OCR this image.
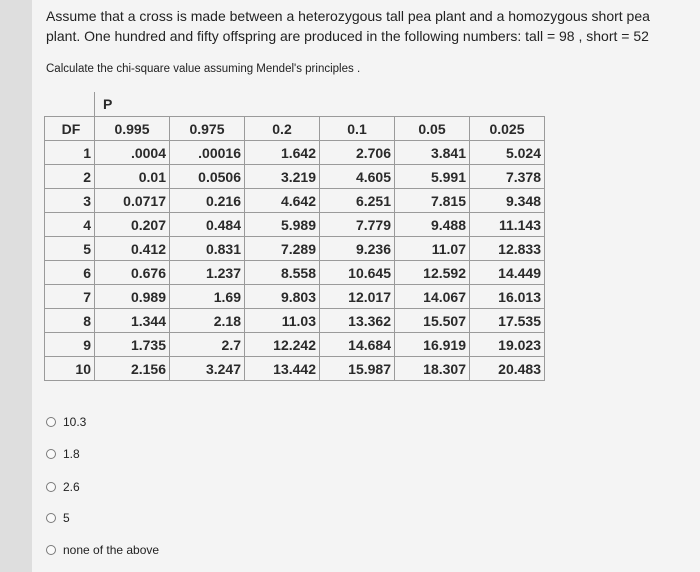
Assume that a cross is made between a heterozygous tall pea plant and a homozygous short pea plant. One hundred and fifty offspring are produced in the following numbers: tall = 98 , short = 52
Calculate the chi-square value assuming Mendel's principles .
	P					
DF	0.995	0.975	0.2	0.1	0.05	0.025
1	.0004	.00016	1.642	2.706	3.841	5.024
2	0.01	0.0506	3.219	4.605	5.991	7.378
3	0.0717	0.216	4.642	6.251	7.815	9.348
4	0.207	0.484	5.989	7.779	9.488	11.143
5	0.412	0.831	7.289	9.236	11.07	12.833
6	0.676	1.237	8.558	10.645	12.592	14.449
7	0.989	1.69	9.803	12.017	14.067	16.013
8	1.344	2.18	11.03	13.362	15.507	17.535
9	1.735	2.7	12.242	14.684	16.919	19.023
10	2.156	3.247	13.442	15.987	18.307	20.483
10.3
1.8
2.6
5
none of the above
